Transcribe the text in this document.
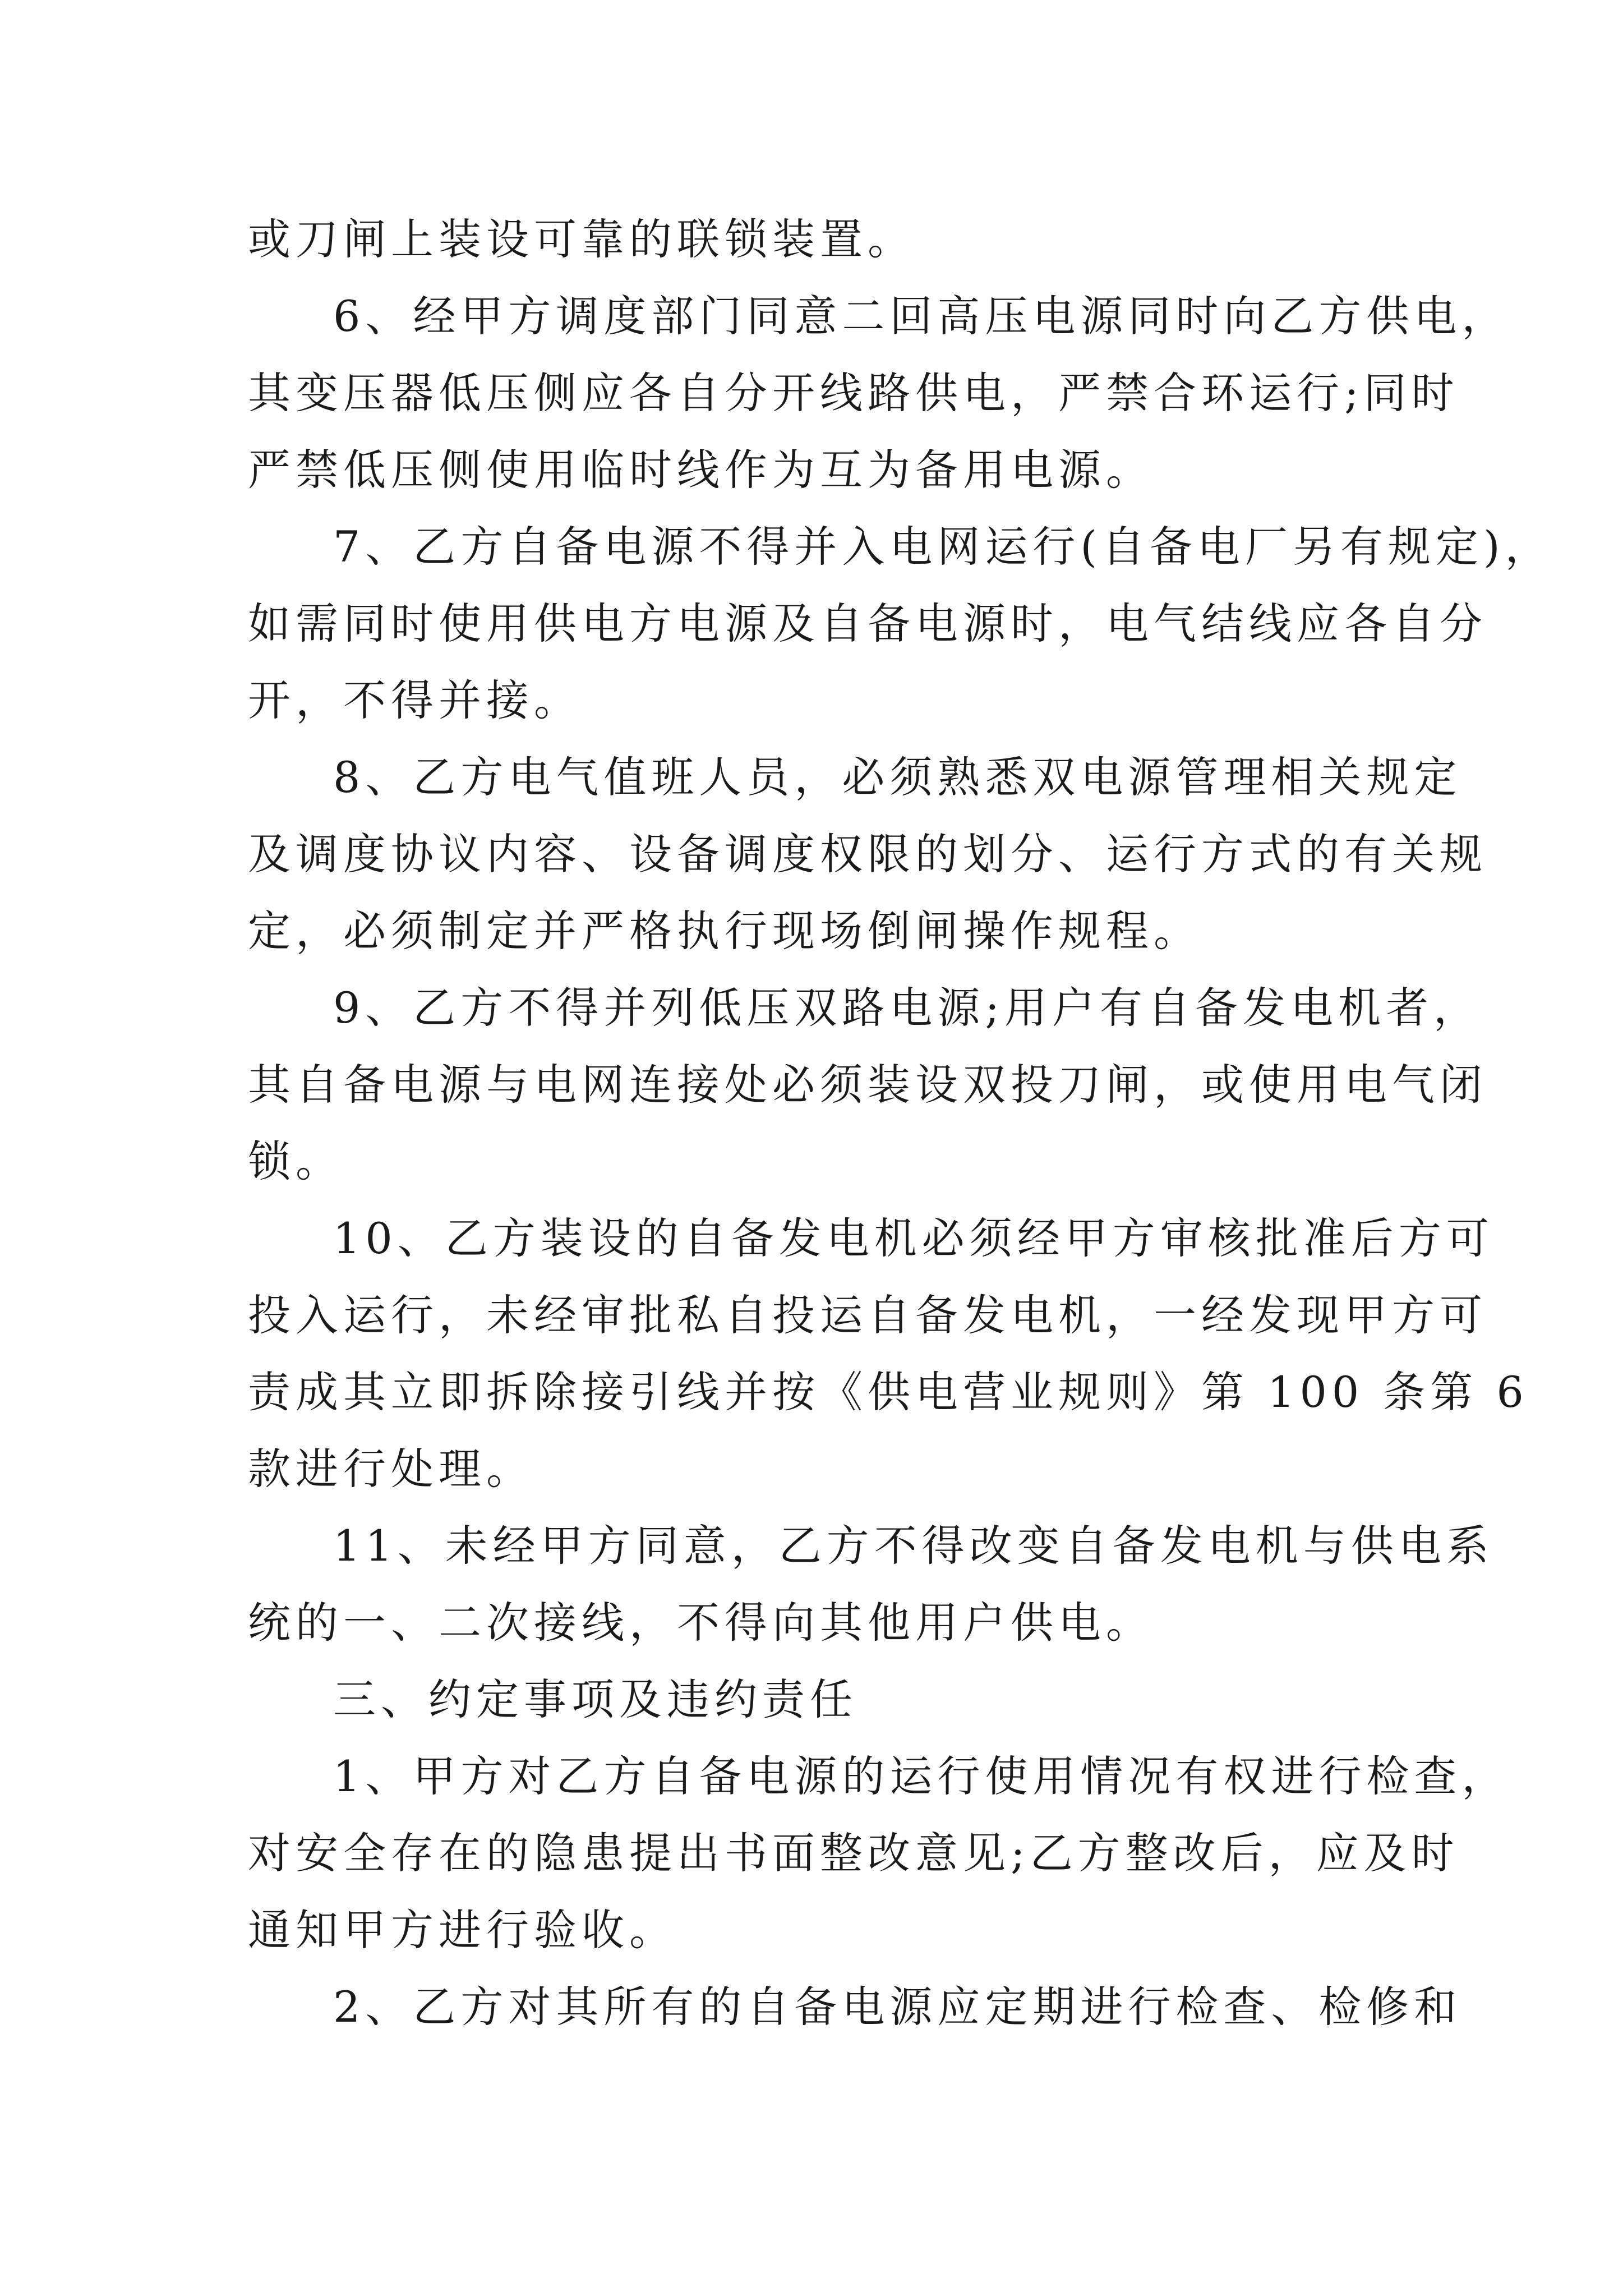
或刀闸上装设可靠的联锁装置。
6、经甲方调度部门同意二回高压电源同时向乙方供电，
其变压器低压侧应各自分开线路供电，严禁合环运行;同时
严禁低压侧使用临时线作为互为备用电源。
7、乙方自备电源不得并入电网运行(自备电厂另有规定)，
如需同时使用供电方电源及自备电源时，电气结线应各自分
开，不得并接。
8、乙方电气值班人员，必须熟悉双电源管理相关规定
及调度协议内容、设备调度权限的划分、运行方式的有关规
定，必须制定并严格执行现场倒闸操作规程。
9、乙方不得并列低压双路电源;用户有自备发电机者，
其自备电源与电网连接处必须装设双投刀闸，或使用电气闭
锁。
10、乙方装设的自备发电机必须经甲方审核批准后方可
投入运行，未经审批私自投运自备发电机，一经发现甲方可
责成其立即拆除接引线并按《供电营业规则》第 100 条第 6
款进行处理。
11、未经甲方同意，乙方不得改变自备发电机与供电系
统的一、二次接线，不得向其他用户供电。
三、约定事项及违约责任
1、甲方对乙方自备电源的运行使用情况有权进行检查，
对安全存在的隐患提出书面整改意见;乙方整改后，应及时
通知甲方进行验收。
2、乙方对其所有的自备电源应定期进行检查、检修和
